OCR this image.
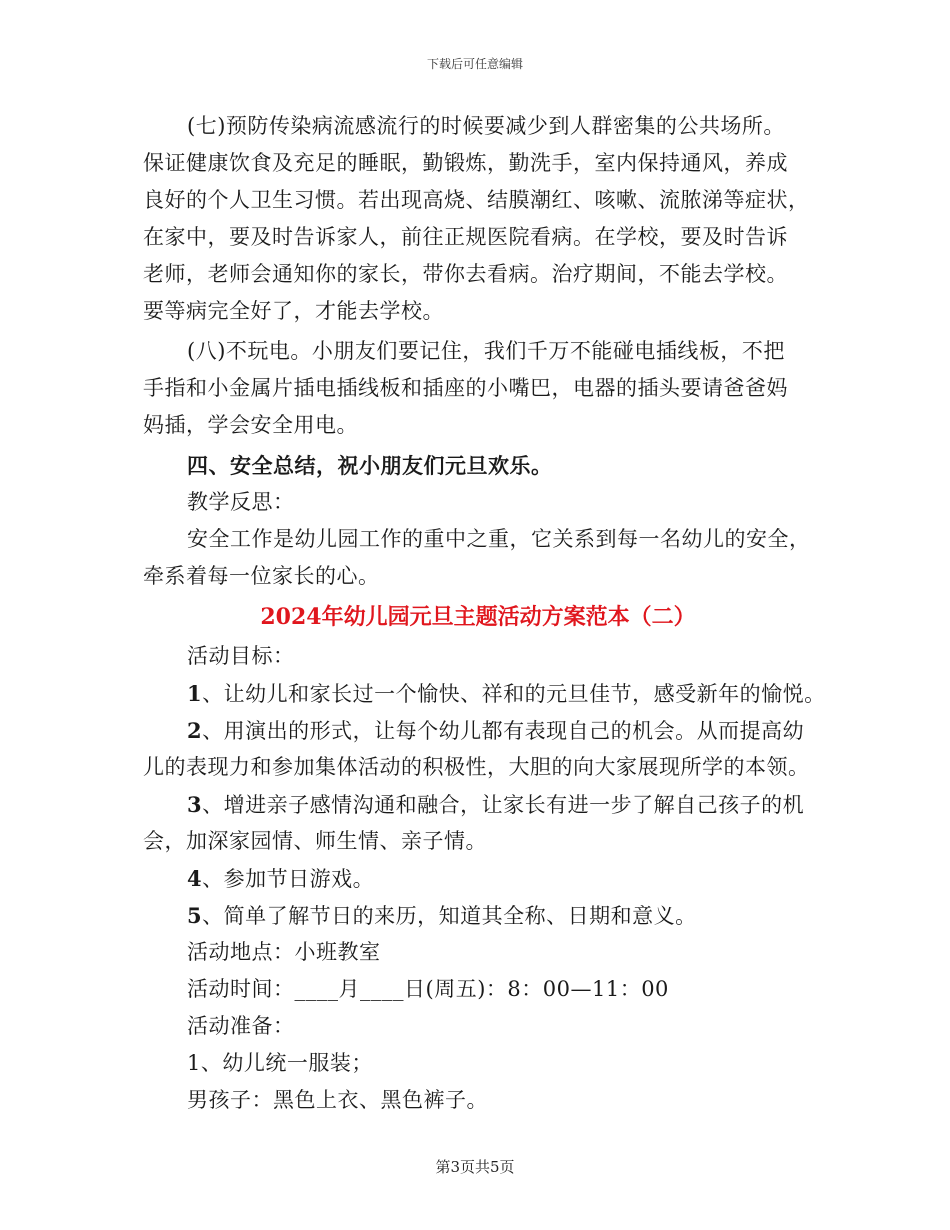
下载后可任意编辑
(七)预防传染病流感流行的时候要减少到人群密集的公共场所。
保证健康饮食及充足的睡眠，勤锻炼，勤洗手，室内保持通风，养成
良好的个人卫生习惯。若出现高烧、结膜潮红、咳嗽、流脓涕等症状，
在家中，要及时告诉家人，前往正规医院看病。在学校，要及时告诉
老师，老师会通知你的家长，带你去看病。治疗期间，不能去学校。
要等病完全好了，才能去学校。
(八)不玩电。小朋友们要记住，我们千万不能碰电插线板，不把
手指和小金属片插电插线板和插座的小嘴巴，电器的插头要请爸爸妈
妈插，学会安全用电。
四、安全总结，祝小朋友们元旦欢乐。
教学反思：
安全工作是幼儿园工作的重中之重，它关系到每一名幼儿的安全，
牵系着每一位家长的心。
2024年幼儿园元旦主题活动方案范本（二）
活动目标：
1、让幼儿和家长过一个愉快、祥和的元旦佳节，感受新年的愉悦。
2、用演出的形式，让每个幼儿都有表现自己的机会。从而提高幼
儿的表现力和参加集体活动的积极性，大胆的向大家展现所学的本领。
3、增进亲子感情沟通和融合，让家长有进一步了解自己孩子的机
会，加深家园情、师生情、亲子情。
4、参加节日游戏。
5、简单了解节日的来历，知道其全称、日期和意义。
活动地点：小班教室
活动时间：____月____日(周五)：8：00—11：00
活动准备：
1、幼儿统一服装；
男孩子：黑色上衣、黑色裤子。
第3页共5页
